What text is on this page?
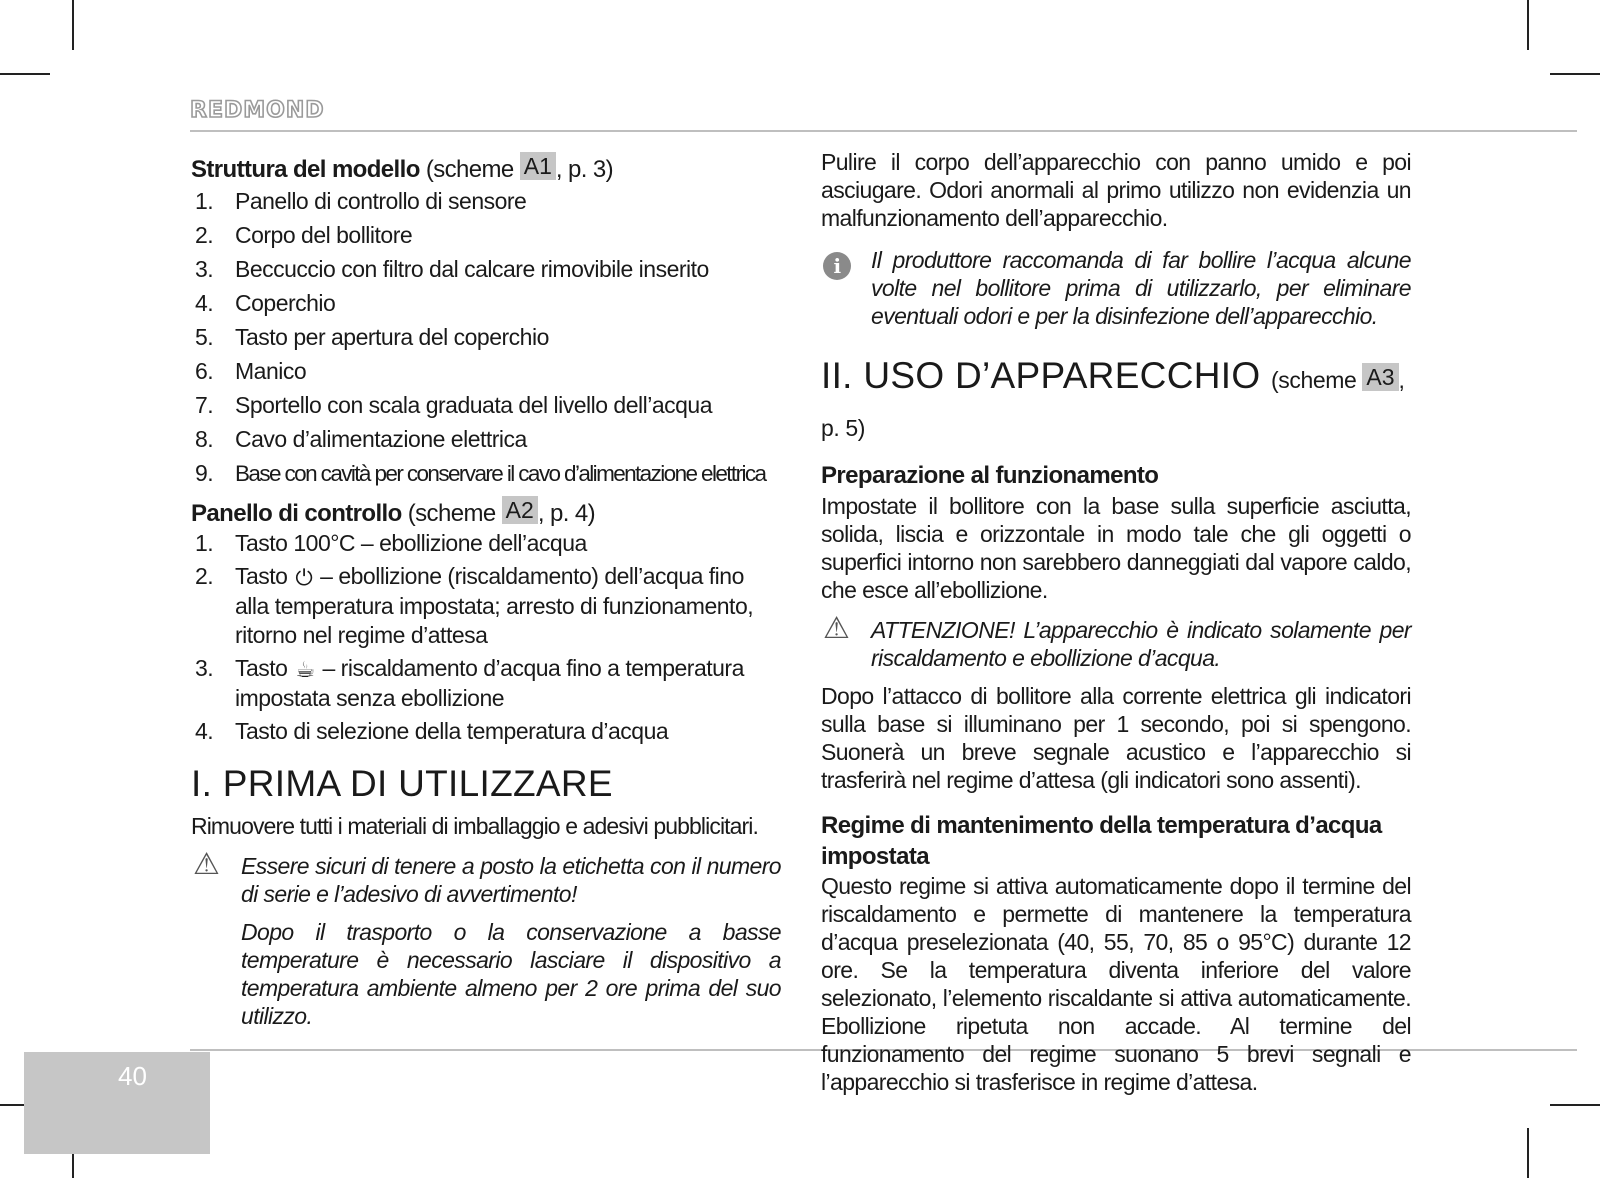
REDMOND
40
Struttura del modello (scheme A1 , p. 3)
1. Panello di controllo di sensore
2. Corpo del bollitore
3. Beccuccio con filtro dal calcare rimovibile inserito
4. Coperchio
5. Tasto per apertura del coperchio
6. Manico
7. Sportello con scala graduata del livello dell’acqua
8. Cavo d’alimentazione elettrica
9. Base con cavità per conservare il cavo d’alimentazione elettrica
Panello di controllo (scheme A2 , p. 4)
1. Tasto 100°C – ebollizione dell’acqua
2. Tasto ⏻ – ebollizione (riscaldamento) dell’acqua fino alla temperatura impostata; arresto di funzionamento, ritorno nel regime d’attesa
3. Tasto ☕ – riscaldamento d’acqua fino a temperatura impostata senza ebollizione
4. Tasto di selezione della temperatura d’acqua
I. PRIMA DI UTILIZZARE
Rimuovere tutti i materiali di imballaggio e adesivi pubblicitari.
⚠ Essere sicuri di tenere a posto la etichetta con il numero di serie e l’adesivo di avvertimento!

Dopo il trasporto o la conservazione a basse temperature è necessario lasciare il dispositivo a temperatura ambiente almeno per 2 ore prima del suo utilizzo.

Pulire il corpo dell’apparecchio con panno umido e poi asciugare. Odori anormali al primo utilizzo non evidenzia un malfunzionamento dell’apparecchio.
i	Il produttore raccomanda di far bollire l’acqua alcune volte nel bollitore prima di utilizzarlo, per eliminare eventuali odori e per la disinfezione dell’apparecchio.

II. USO D’APPARECCHIO (scheme A3 , p. 5)
Preparazione al funzionamento
Impostate il bollitore con la base sulla superficie asciutta, solida, liscia e orizzontale in modo tale che gli oggetti o superfici intorno non sarebbero danneggiati dal vapore caldo, che esce all’ebollizione.
⚠ ATTENZIONE! L’apparecchio è indicato solamente per riscaldamento e ebollizione d’acqua.

Dopo l’attacco di bollitore alla corrente elettrica gli indicatori sulla base si illuminano per 1 secondo, poi si spengono. Suonerà un breve segnale acustico e l’apparecchio si trasferirà nel regime d’attesa (gli indicatori sono assenti).
Regime di mantenimento della temperatura d’acqua impostata
Questo regime si attiva automaticamente dopo il termine del riscaldamento e permette di mantenere la temperatura d’acqua preselezionata (40, 55, 70, 85 o 95°C) durante 12 ore. Se la temperatura diventa inferiore del valore selezionato, l’elemento riscaldante si attiva automaticamente. Ebollizione ripetuta non accade. Al termine del funzionamento del regime suonano 5 brevi segnali e l’apparecchio si trasferisce in regime d’attesa.
